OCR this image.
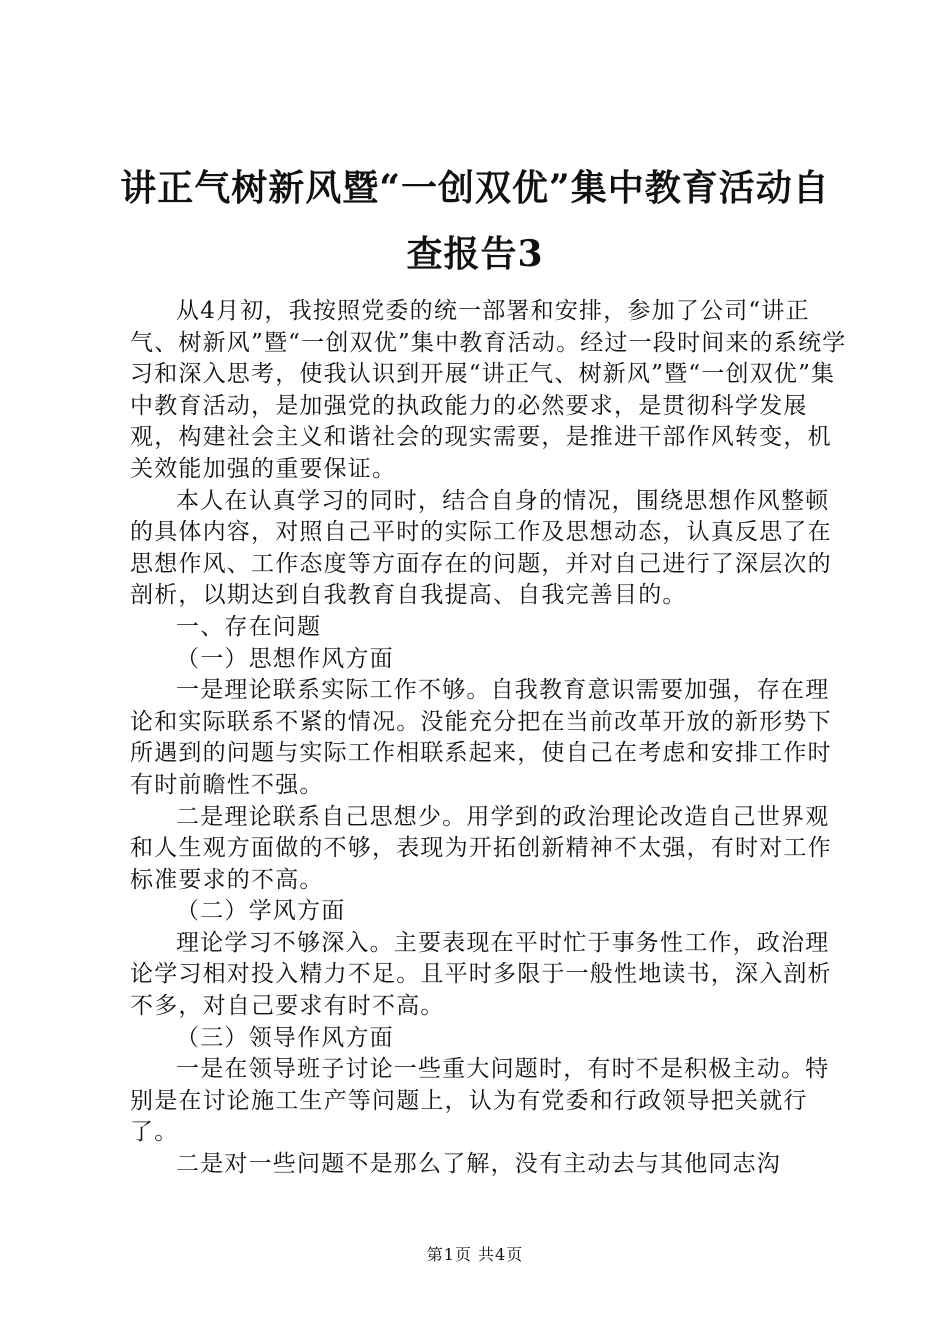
讲正气树新风暨“一创双优”集中教育活动自
查报告3

从4月初，我按照党委的统一部署和安排，参加了公司“讲正气、树新风”暨“一创双优”集中教育活动。经过一段时间来的系统学习和深入思考，使我认识到开展“讲正气、树新风”暨“一创双优”集中教育活动，是加强党的执政能力的必然要求，是贯彻科学发展观，构建社会主义和谐社会的现实需要，是推进干部作风转变，机关效能加强的重要保证。

本人在认真学习的同时，结合自身的情况，围绕思想作风整顿的具体内容，对照自己平时的实际工作及思想动态，认真反思了在思想作风、工作态度等方面存在的问题，并对自己进行了深层次的剖析，以期达到自我教育自我提高、自我完善目的。

一、存在问题

（一）思想作风方面

一是理论联系实际工作不够。自我教育意识需要加强，存在理论和实际联系不紧的情况。没能充分把在当前改革开放的新形势下所遇到的问题与实际工作相联系起来，使自己在考虑和安排工作时有时前瞻性不强。

二是理论联系自己思想少。用学到的政治理论改造自己世界观和人生观方面做的不够，表现为开拓创新精神不太强，有时对工作标准要求的不高。

（二）学风方面

理论学习不够深入。主要表现在平时忙于事务性工作，政治理论学习相对投入精力不足。且平时多限于一般性地读书，深入剖析不多，对自己要求有时不高。

（三）领导作风方面

一是在领导班子讨论一些重大问题时，有时不是积极主动。特别是在讨论施工生产等问题上，认为有党委和行政领导把关就行了。

二是对一些问题不是那么了解，没有主动去与其他同志沟

第1页 共4页
